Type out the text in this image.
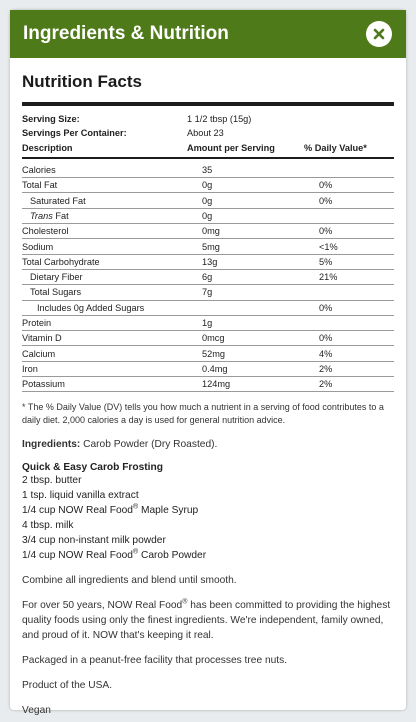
Ingredients & Nutrition
Nutrition Facts
Serving Size:	1 1/2 tbsp (15g)	
Servings Per Container:	About 23	
Description	Amount per Serving	% Daily Value*
Calories	35	
Total Fat	0g	0%
Saturated Fat	0g	0%
Trans Fat	0g	
Cholesterol	0mg	0%
Sodium	5mg	<1%
Total Carbohydrate	13g	5%
Dietary Fiber	6g	21%
Total Sugars	7g	
Includes 0g Added Sugars		0%
Protein	1g	
Vitamin D	0mcg	0%
Calcium	52mg	4%
Iron	0.4mg	2%
Potassium	124mg	2%
* The % Daily Value (DV) tells you how much a nutrient in a serving of food contributes to a daily diet. 2,000 calories a day is used for general nutrition advice.
Ingredients: Carob Powder (Dry Roasted).
Quick & Easy Carob Frosting
2 tbsp. butter
1 tsp. liquid vanilla extract
1/4 cup NOW Real Food® Maple Syrup
4 tbsp. milk
3/4 cup non-instant milk powder
1/4 cup NOW Real Food® Carob Powder
Combine all ingredients and blend until smooth.
For over 50 years, NOW Real Food® has been committed to providing the highest quality foods using only the finest ingredients. We're independent, family owned, and proud of it. NOW that's keeping it real.
Packaged in a peanut-free facility that processes tree nuts.
Product of the USA.
Vegan
